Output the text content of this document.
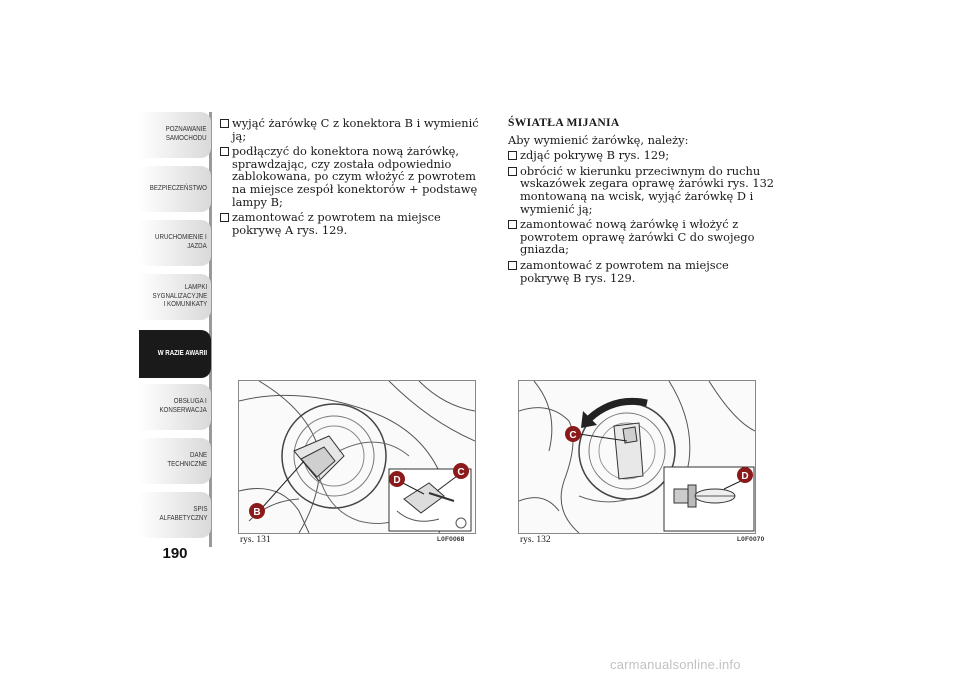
POZNAWANIE
SAMOCHODU
BEZPIECZEŃSTWO
URUCHOMIENIE I
JAZDA
LAMPKI
SYGNALIZACYJNE
I KOMUNIKATY
W RAZIE AWARII
OBSŁUGA I
KONSERWACJA
DANE
TECHNICZNE
SPIS
ALFABETYCZNY
190
wyjąć żarówkę C z konektora B i wymienić ją;
podłączyć do konektora nową żarówkę, sprawdzając, czy została odpowiednio zablokowana, po czym włożyć z powrotem na miejsce zespół konektorów + podstawę lampy B;
zamontować z powrotem na miejsce pokrywę A rys. 129.
ŚWIATŁA MIJANIA

Aby wymienić żarówkę, należy:

zdjąć pokrywę B rys. 129;
obrócić w kierunku przeciwnym do ruchu wskazówek zegara oprawę żarówki rys. 132 montowaną na wcisk, wyjąć żarówkę D i wymienić ją;
zamontować nową żarówkę i włożyć z powrotem oprawę żarówki C do swojego gniazda;
zamontować z powrotem na miejsce pokrywę B rys. 129.
B
D
C
rys. 131	L0F0068
C
D
rys. 132	L0F0070
carmanualsonline.info
